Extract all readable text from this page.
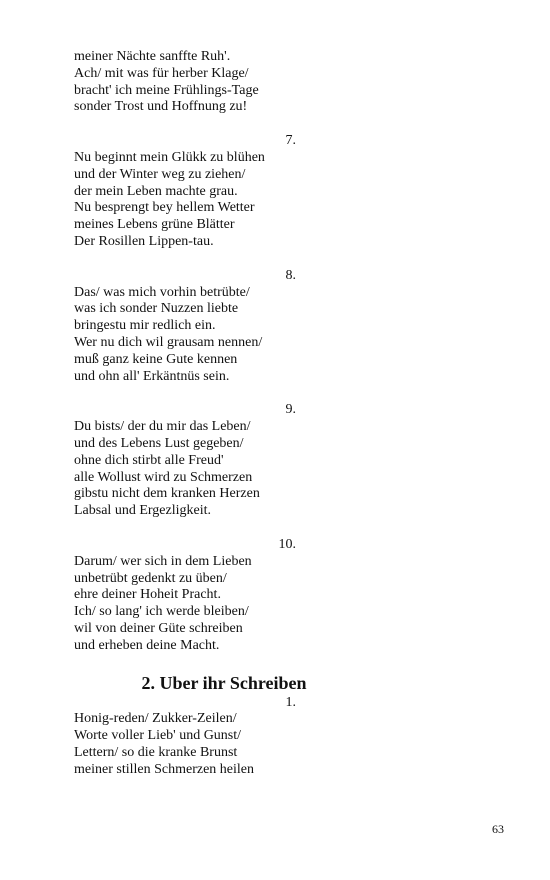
meiner Nächte sanffte Ruh'.
Ach/ mit was für herber Klage/
bracht' ich meine Frühlings-Tage
sonder Trost und Hoffnung zu!
7.
Nu beginnt mein Glükk zu blühen
und der Winter weg zu ziehen/
der mein Leben machte grau.
Nu besprengt bey hellem Wetter
meines Lebens grüne Blätter
Der Rosillen Lippen-tau.
8.
Das/ was mich vorhin betrübte/
was ich sonder Nuzzen liebte
bringestu mir redlich ein.
Wer nu dich wil grausam nennen/
muß ganz keine Gute kennen
und ohn all' Erkäntnüs sein.
9.
Du bists/ der du mir das Leben/
und des Lebens Lust gegeben/
ohne dich stirbt alle Freud'
alle Wollust wird zu Schmerzen
gibstu nicht dem kranken Herzen
Labsal und Ergezligkeit.
10.
Darum/ wer sich in dem Lieben
unbetrübt gedenkt zu üben/
ehre deiner Hoheit Pracht.
Ich/ so lang' ich werde bleiben/
wil von deiner Güte schreiben
und erheben deine Macht.
2. Uber ihr Schreiben
1.
Honig-reden/ Zukker-Zeilen/
Worte voller Lieb' und Gunst/
Lettern/ so die kranke Brunst
meiner stillen Schmerzen heilen
63
